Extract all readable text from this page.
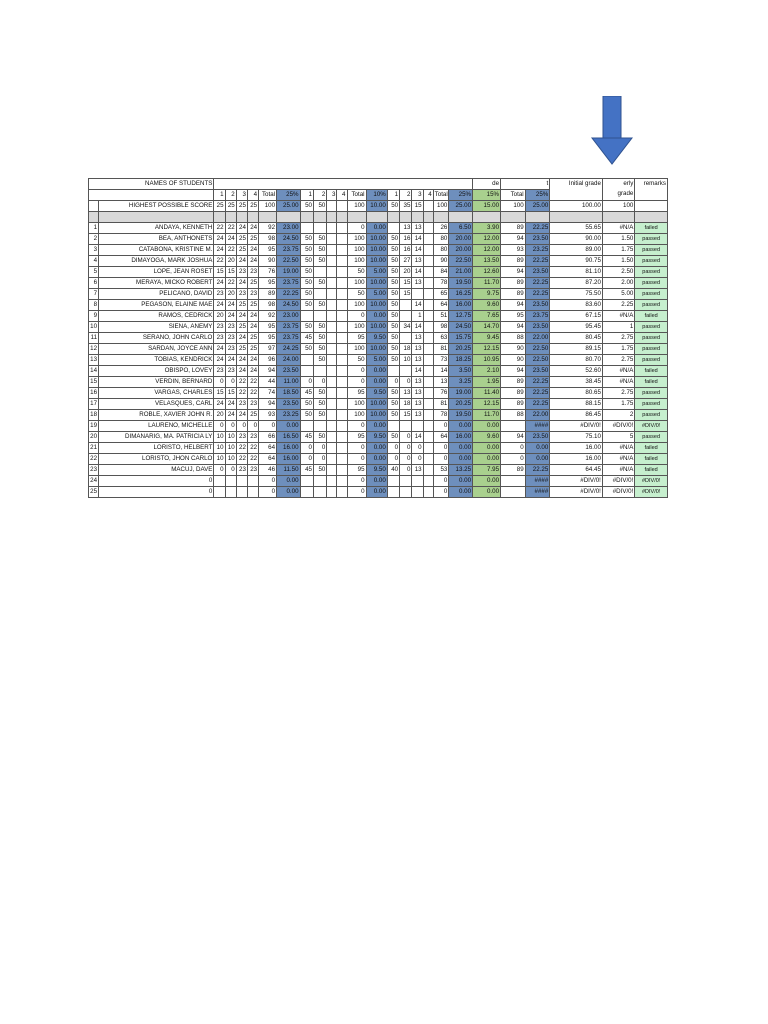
NAMES OF STUDENTS																				de	t		Initial grade	erly
grade	remarks
		1	2	3	4	Total	25%	1	2	3	4	Total	10%	1	2	3	4	Total	25%	15%	Total	25%			
	HIGHEST POSSIBLE SCORE	25	25	25	25	100	25.00	50	50			100	10.00	50	35	15		100	25.00	15.00	100	25.00	100.00	100	

1	ANDAYA, KENNETH	22	22	24	24	92	23.00					0	0.00		13	13		26	6.50	3.90	89	22.25	55.65	#N/A	failed
2	BEA, ANTHONETS	24	24	25	25	98	24.50	50	50			100	10.00	50	16	14		80	20.00	12.00	94	23.50	90.00	1.50	passed
3	CATABONA, KRISTINE M.	24	22	25	24	95	23.75	50	50			100	10.00	50	16	14		80	20.00	12.00	93	23.25	89.00	1.75	passed
4	DIMAYOGA, MARK JOSHUA	22	20	24	24	90	22.50	50	50			100	10.00	50	27	13		90	22.50	13.50	89	22.25	90.75	1.50	passed
5	LOPE, JEAN ROSET	15	15	23	23	76	19.00	50				50	5.00	50	20	14		84	21.00	12.60	94	23.50	81.10	2.50	passed
6	MERAYA, MICKO ROBERT	24	22	24	25	95	23.75	50	50			100	10.00	50	15	13		78	19.50	11.70	89	22.25	87.20	2.00	passed
7	PELICANO, DAVID	23	20	23	23	89	22.25	50				50	5.00	50	15			65	16.25	9.75	89	22.25	75.50	5.00	passed
8	PEGASON, ELAINE MAE	24	24	25	25	98	24.50	50	50			100	10.00	50		14		64	16.00	9.60	94	23.50	83.60	2.25	passed
9	RAMOS, CEDRICK	20	24	24	24	92	23.00					0	0.00	50		1		51	12.75	7.65	95	23.75	67.15	#N/A	failed
10	SIENA, ANEMY	23	23	25	24	95	23.75	50	50			100	10.00	50	34	14		98	24.50	14.70	94	23.50	95.45	1	passed
11	SERANO, JOHN CARLO	23	23	24	25	95	23.75	45	50			95	9.50	50		13		63	15.75	9.45	88	22.00	80.45	2.75	passed
12	SARDAN, JOYCE ANN	24	23	25	25	97	24.25	50	50			100	10.00	50	18	13		81	20.25	12.15	90	22.50	89.15	1.75	passed
13	TOBIAS, KENDRICK	24	24	24	24	96	24.00		50			50	5.00	50	10	13		73	18.25	10.95	90	22.50	80.70	2.75	passed
14	OBISPO, LOVEY	23	23	24	24	94	23.50					0	0.00			14		14	3.50	2.10	94	23.50	52.60	#N/A	failed
15	VERDIN, BERNARD	0	0	22	22	44	11.00	0	0			0	0.00	0	0	13		13	3.25	1.95	89	22.25	38.45	#N/A	failed
16	VARGAS, CHARLES	15	15	22	22	74	18.50	45	50			95	9.50	50	13	13		76	19.00	11.40	89	22.25	80.65	2.75	passed
17	VELASQUES, CARL	24	24	23	23	94	23.50	50	50			100	10.00	50	18	13		81	20.25	12.15	89	22.25	88.15	1.75	passed
18	ROBLE, XAVIER JOHN R.	20	24	24	25	93	23.25	50	50			100	10.00	50	15	13		78	19.50	11.70	88	22.00	86.45	2	passed
19	LAURENO, MICHELLE	0	0	0	0	0	0.00					0	0.00					0	0.00	0.00		####	#DIV/0!	#DIV/0!	#DIV/0!
20	DIMANARIG, MA. PATRICIA LY	10	10	23	23	66	16.50	45	50			95	9.50	50	0	14		64	16.00	9.60	94	23.50	75.10	5	passed
21	LORISTO, HELBERT	10	10	22	22	64	16.00	0	0			0	0.00	0	0	0		0	0.00	0.00	0	0.00	16.00	#N/A	failed
22	LORISTO, JHON CARLO	10	10	22	22	64	16.00	0	0			0	0.00	0	0	0		0	0.00	0.00	0	0.00	16.00	#N/A	failed
23	MACUJ, DAVE	0	0	23	23	46	11.50	45	50			95	9.50	40	0	13		53	13.25	7.95	89	22.25	64.45	#N/A	failed
24	0					0	0.00					0	0.00					0	0.00	0.00		####	#DIV/0!	#DIV/0!	#DIV/0!
25	0					0	0.00					0	0.00					0	0.00	0.00		####	#DIV/0!	#DIV/0!	#DIV/0!
